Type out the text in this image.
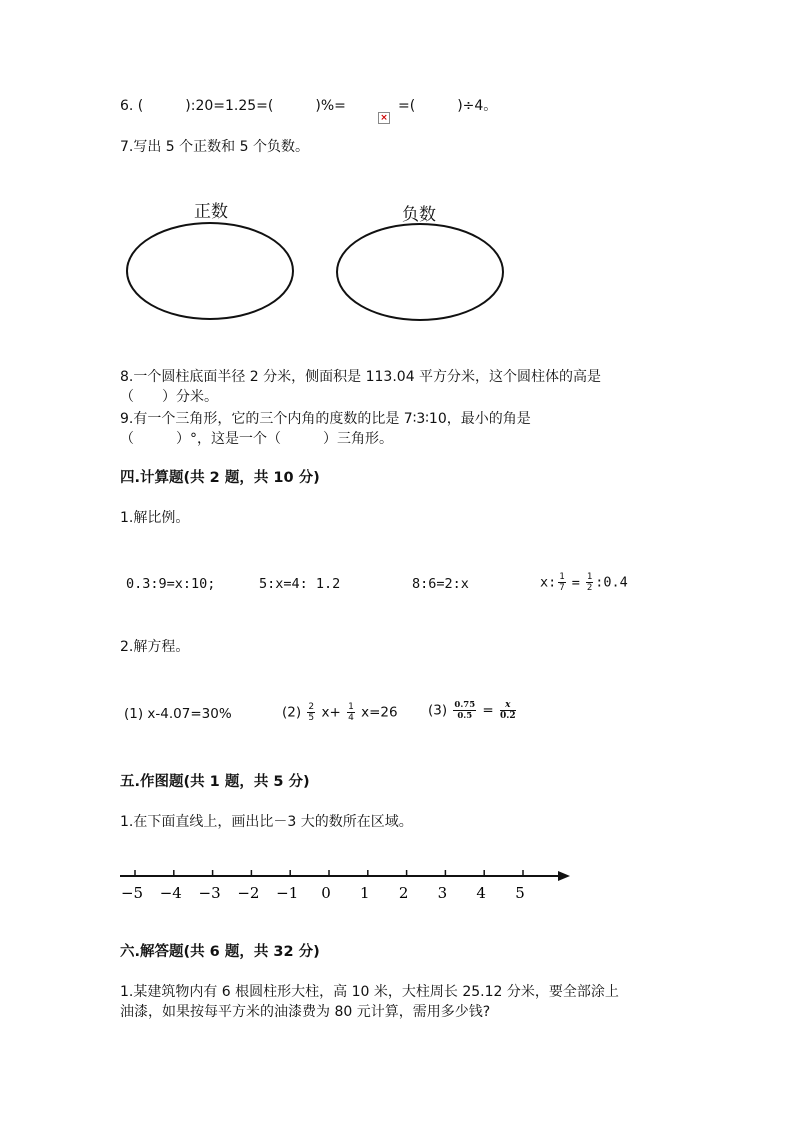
6. (　　　):20=1.25=(　　　)%=
×
=(　　　)÷4。
7.写出 5 个正数和 5 个负数。
正数	负数
−5 −4 −3 −2 −1 0 1 2 3 4 5
8.一个圆柱底面半径 2 分米，侧面积是 113.04 平方分米，这个圆柱体的高是
（　　）分米。
9.有一个三角形，它的三个内角的度数的比是 7∶3∶10，最小的角是
（　　　）°，这是一个（　　　）三角形。
四.计算题(共 2 题，共 10 分)
1.解比例。
0.3:9=x:10;	5:x=4: 1.2	8:6=2:x	x: $\frac{1}{7} = \frac{1}{2}$ :0.4
2.解方程。
(1) x-4.07=30%	$(2) \frac{2}{5} x+ \frac{1}{4} x=26$ $(3) \frac{0.75}{0.5} = \frac{x}{0.2}$
五.作图题(共 1 题，共 5 分)
1.在下面直线上，画出比－3 大的数所在区域。
六.解答题(共 6 题，共 32 分)
1.某建筑物内有 6 根圆柱形大柱，高 10 米，大柱周长 25.12 分米，要全部涂上
油漆，如果按每平方米的油漆费为 80 元计算，需用多少钱?
